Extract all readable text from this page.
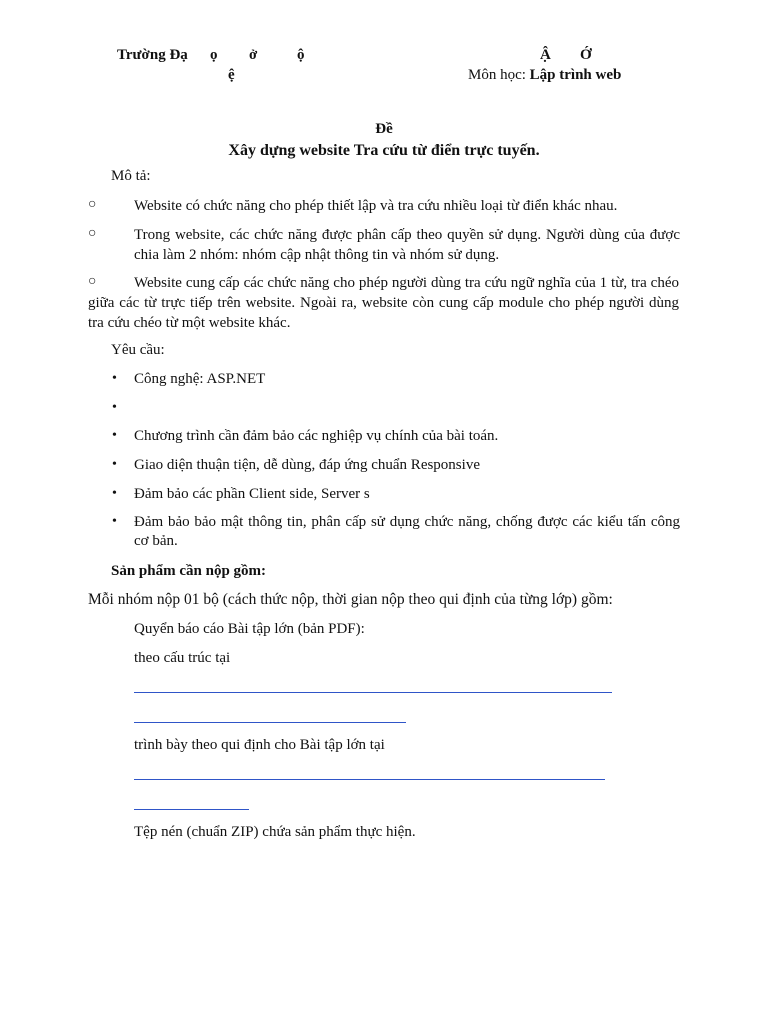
Trường Đạ ọ ở	ộ
ệ
Ậ Ớ
Môn học: Lập trình web
Đề
Xây dựng website Tra cứu từ điển trực tuyến.
Mô tả:
○	Website có chức năng cho phép thiết lập và tra cứu nhiều loại từ điển khác nhau.
○	Trong website, các chức năng được phân cấp theo quyền sử dụng. Người dùng của được chia làm 2 nhóm: nhóm cập nhật thông tin và nhóm sử dụng.
○	Website cung cấp các chức năng cho phép người dùng tra cứu ngữ nghĩa của 1 từ, tra chéo giữa các từ trực tiếp trên website. Ngoài ra, website còn cung cấp module cho phép người dùng tra cứu chéo từ một website khác.
Yêu cầu:
• Công nghệ: ASP.NET
•
• Chương trình cần đảm bảo các nghiệp vụ chính của bài toán.
• Giao diện thuận tiện, dễ dùng, đáp ứng chuẩn Responsive
• Đảm bảo các phần Client side, Server s
• Đảm bảo bảo mật thông tin, phân cấp sử dụng chức năng, chống được các kiểu tấn công cơ bản.
Sản phẩm cần nộp gồm:
Mỗi nhóm nộp 01 bộ (cách thức nộp, thời gian nộp theo qui định của từng lớp) gồm:
Quyển báo cáo Bài tập lớn (bản PDF):
theo cấu trúc tại
trình bày theo qui định cho Bài tập lớn tại
Tệp nén (chuẩn ZIP) chứa sản phẩm thực hiện.
